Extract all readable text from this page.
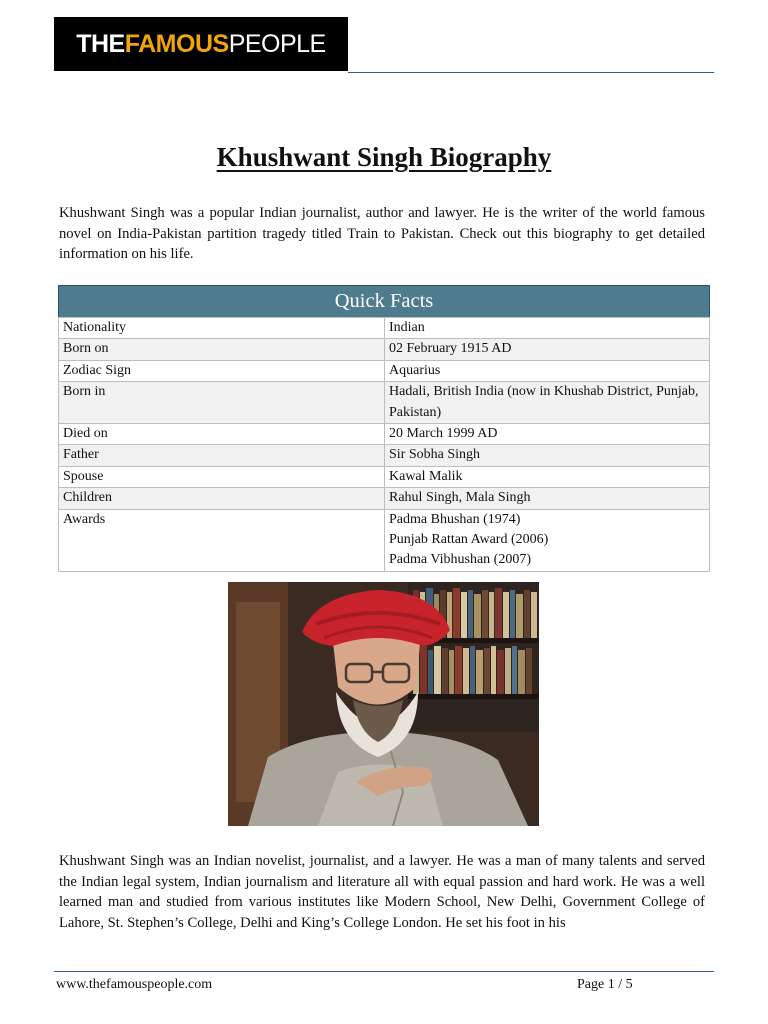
THE FAMOUS PEOPLE
Khushwant Singh Biography

Khushwant Singh was a popular Indian journalist, author and lawyer. He is the writer of the world famous novel on India-Pakistan partition tragedy titled Train to Pakistan. Check out this biography to get detailed information on his life.

Quick Facts
Nationality	Indian
Born on	02 February 1915 AD
Zodiac Sign	Aquarius
Born in	Hadali, British India (now in Khushab District, Punjab, Pakistan)
Died on	20 March 1999 AD
Father	Sir Sobha Singh
Spouse	Kawal Malik
Children	Rahul Singh, Mala Singh
Awards	Padma Bhushan (1974)
Punjab Rattan Award (2006)
Padma Vibhushan (2007)

Khushwant Singh was an Indian novelist, journalist, and a lawyer. He was a man of many talents and served the Indian legal system, Indian journalism and literature all with equal passion and hard work. He was a well learned man and studied from various institutes like Modern School, New Delhi, Government College of Lahore, St. Stephen’s College, Delhi and King’s College London. He set his foot in his

www.thefamouspeople.com	Page 1 / 5
